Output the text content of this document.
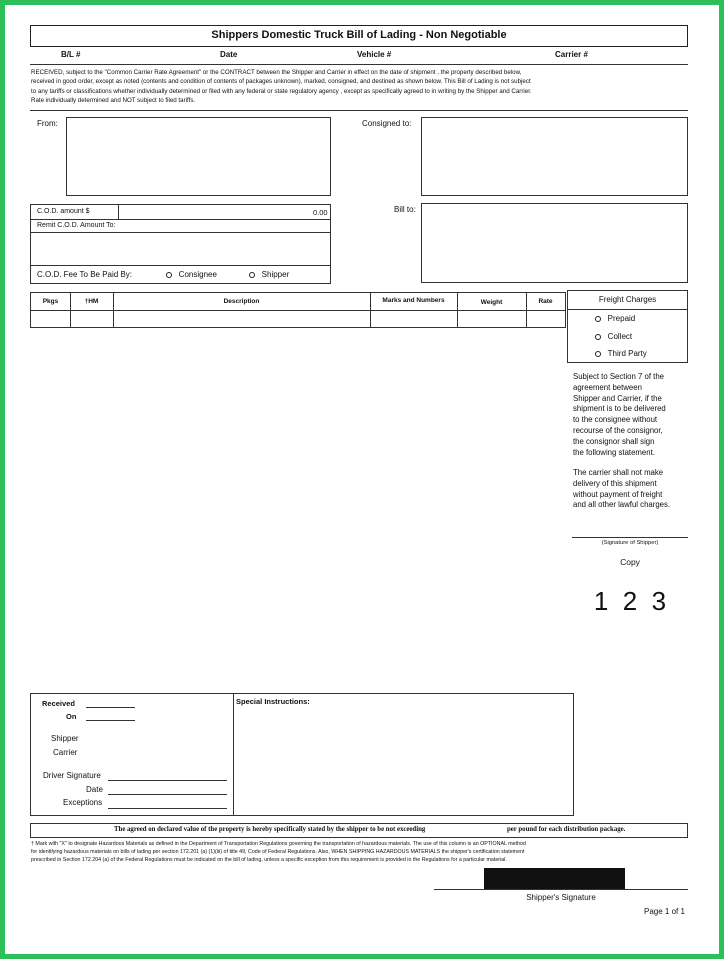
Shippers Domestic Truck Bill of Lading - Non Negotiable
B/L #	Date	Vehicle #	Carrier #
RECEIVED, subject to the "Common Carrier Rate Agreement" or the CONTRACT between the Shipper and Carrier in effect on the date of shipment , the property described below,
received in good order, except as noted (contents and condition of contents of packages unknown), marked, consigned, and destined as shown below. This Bill of Lading is not subject
to any tariffs or classifications whether individually determined or filed with any federal or state regulatory agency , except as specifically agreed to in writing by the Shipper and Carrier.
Rate individually determined and NOT subject to filed tariffs.
From:	Consigned to:
Bill to:
C.O.D. amount $	0.00
Remit C.O.D. Amount To:
C.O.D. Fee To Be Paid By:	Consignee	Shipper
Pkgs	†HM	Description	Marks and Numbers	Weight	Rate	Freight Charges
Prepaid
Collect
Third Party
Subject to Section 7 of the
agreement between
Shipper and Carrier, if the
shipment is to be delivered
to the consignee without
recourse of the consignor,
the consignor shall sign
the following statement.
The carrier shall not make
delivery of this shipment
without payment of freight
and all other lawful charges.
(Signature of Shipper)
Copy
1  2  3
Received
On
Shipper
Carrier
Driver Signature
Date
Exceptions
Special Instructions:
The agreed on declared value of the property is hereby specifically stated by the shipper to be not exceeding	per pound for each distribution package.
† Mark with "X" to designate Hazardous Materials as defined in the Department of Transportation Regulations governing the transportation of hazardous materials. The use of this column is an OPTIONAL method
for identifying hazardous materials on bills of lading per section 172.201 (a) (1)(iii) of title 49, Code of Federal Regulations. Also, WHEN SHIPPING HAZARDOUS MATERIALS the shipper's certification statement
prescribed in Section 172.204 (a) of the Federal Regulations must be indicated on the bill of lading, unless a specific exception from this requirement is provided in the Regulations for a particular material.
Shipper's Signature
Page 1 of 1
